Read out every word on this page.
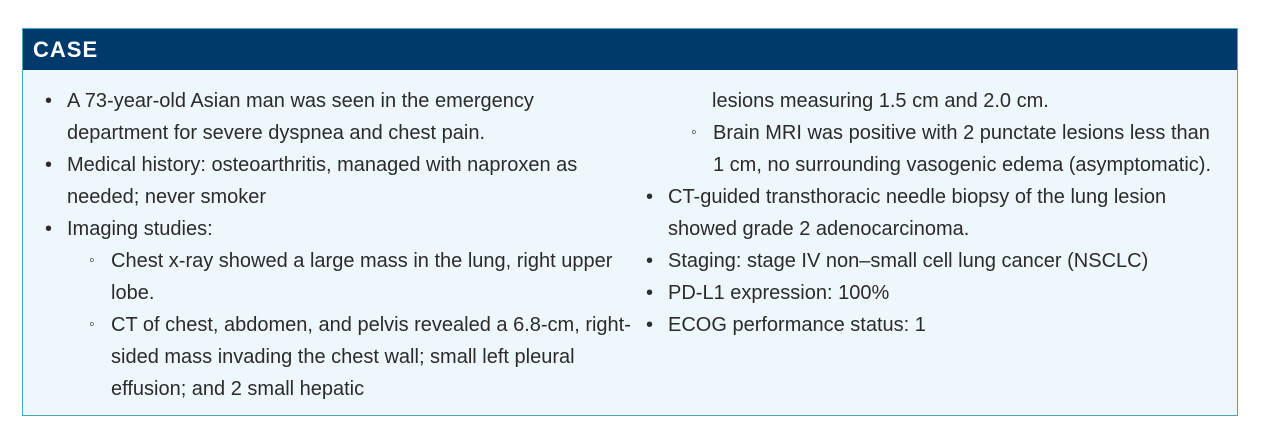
CASE
• A 73-year-old Asian man was seen in the emergency department for severe dyspnea and chest pain.
• Medical history: osteoarthritis, managed with naproxen as needed; never smoker
• Imaging studies:
◦ Chest x-ray showed a large mass in the lung, right upper lobe.
◦ CT of chest, abdomen, and pelvis revealed a 6.8-cm, right-sided mass invading the chest wall; small left pleural effusion; and 2 small hepatic
lesions measuring 1.5 cm and 2.0 cm.
◦ Brain MRI was positive with 2 punctate lesions less than 1 cm, no surrounding vasogenic edema (asymptomatic).
• CT-guided transthoracic needle biopsy of the lung lesion showed grade 2 adenocarcinoma.
• Staging: stage IV non–small cell lung cancer (NSCLC)
• PD-L1 expression: 100%
• ECOG performance status: 1
